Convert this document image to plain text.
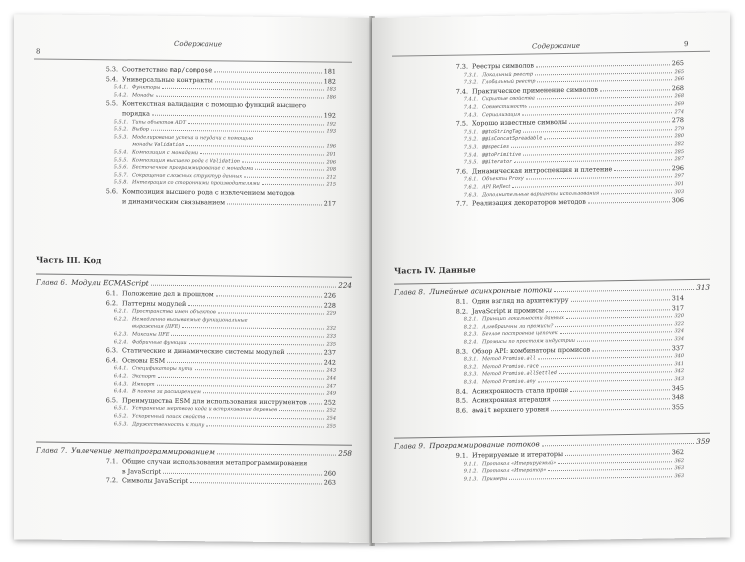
8
Содержание
5.3. Соответствие map/compose	181
5.4. Универсальные контракты	182
5.4.1. Функторы	183
5.4.2. Монады	186
5.5. Контекстная валидация с помощью функций высшего
порядка	192
5.5.1. Типы объектов ADT	192
5.5.2. Выбор	193
5.5.3. Моделирование успеха и неудачи с помощью
монады Validation	196
5.5.4. Композиция с монадами	201
5.5.5. Композиция высшего рода с Validation	206
5.5.6. Бесточечное программирование с монадами	208
5.5.7. Сокращение сложных структур данных	212
5.5.8. Интеграция со сторонними производителями	215
5.6. Композиция высшего рода с извлечением методов
и динамическим связыванием	217
Часть III. Код
Глава 6. Модули ECMAScript	224
6.1. Положение дел в прошлом	226
6.2. Паттерны модулей	228
6.2.1. Пространства имен объектов	229
6.2.2. Немедленно вызываемые функциональные
выражения (IIFE)	232
6.2.3. Миксины IIFE	233
6.2.4. Фабричные функции	235
6.3. Статические и динамические системы модулей	237
6.4. Основы ESM	242
6.4.1. Спецификаторы пути	243
6.4.2. Экспорт	244
6.4.3. Импорт	247
6.4.4. В погоне за расширением	249
6.5. Преимущества ESM для использования инструментов	252
6.5.1. Устранение мертвого кода и встряхивание деревьев	252
6.5.2. Ускоренный поиск свойств	254
6.5.3. Дружественность к типу	255
Глава 7. Увлечение метапрограммированием	258
7.1. Общие случаи использования метапрограммирования
в JavaScript	260
7.2. Символы JavaScript	263
Содержание	9
7.3. Реестры символов	265
7.3.1. Локальный реестр	265
7.3.2. Глобальный реестр	266
7.4. Практическое применение символов	268
7.4.1. Скрытые свойства	268
7.4.2. Совместимость	269
7.4.3. Сериализация	274
7.5. Хорошо известные символы	278
7.5.1. @@toStringTag	279
7.5.2. @@isConcatSpreadable	280
7.5.3. @@species	282
7.5.4. @@toPrimitive	285
7.5.5. @@iterator	287
7.6. Динамическая интроспекция и плетение	296
7.6.1. Объекты Proxy	297
7.6.2. API Reflect	301
7.6.3. Дополнительные варианты использования	303
7.7. Реализация декораторов методов	306
Часть IV. Данные
Глава 8. Линейные асинхронные потоки	313
8.1. Один взгляд на архитектуру	314
8.2. JavaScript и промисы	317
8.2.1. Принцип локальности данных	320
8.2.2. Алгебраичны ли промисы?	322
8.2.3. Беглое построение цепочек	324
8.2.4. Промисы по простоям индустрии	334
8.3. Обзор API: комбинаторы промисов	337
8.3.1. Метод Promise.all	340
8.3.2. Метод Promise.race	341
8.3.3. Метод Promise.allSettled	342
8.3.4. Метод Promise.any	343
8.4. Асинхронность стала проще	345
8.5. Асинхронная итерация	348
8.6. await верхнего уровня	355
Глава 9. Программирование потоков	359
9.1. Итерируемые и итераторы	362
9.1.1. Протокол «Итерируемый»	362
9.1.2. Протокол «Итератор»	363
9.1.3. Примеры	363
